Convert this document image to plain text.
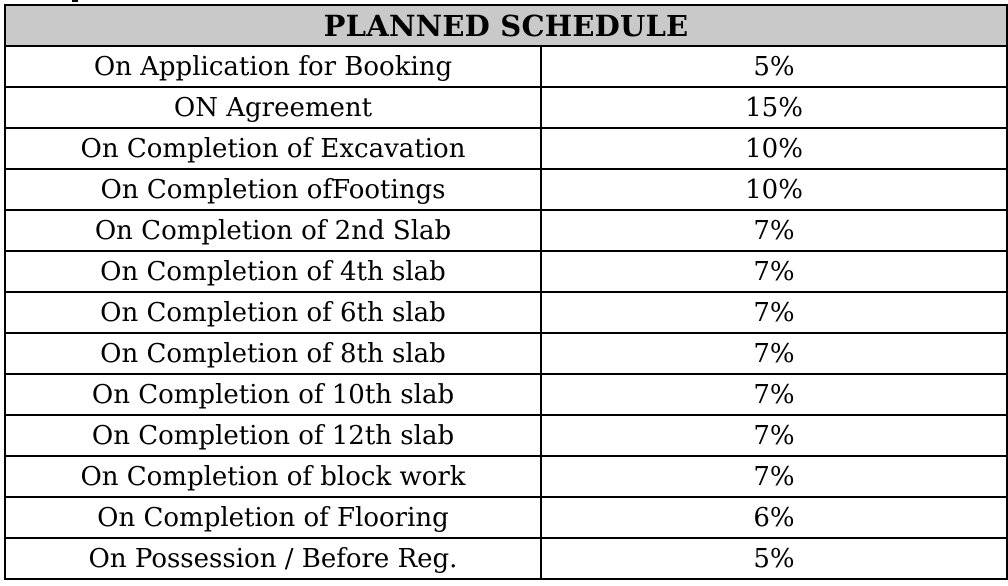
PLANNED SCHEDULE	
On Application for Booking	5%
ON Agreement	15%
On Completion of Excavation	10%
On Completion ofFootings	10%
On Completion of 2nd Slab	7%
On Completion of 4th slab	7%
On Completion of 6th slab	7%
On Completion of 8th slab	7%
On Completion of 10th slab	7%
On Completion of 12th slab	7%
On Completion of block work	7%
On Completion of Flooring	6%
On Possession / Before Reg.	5%
